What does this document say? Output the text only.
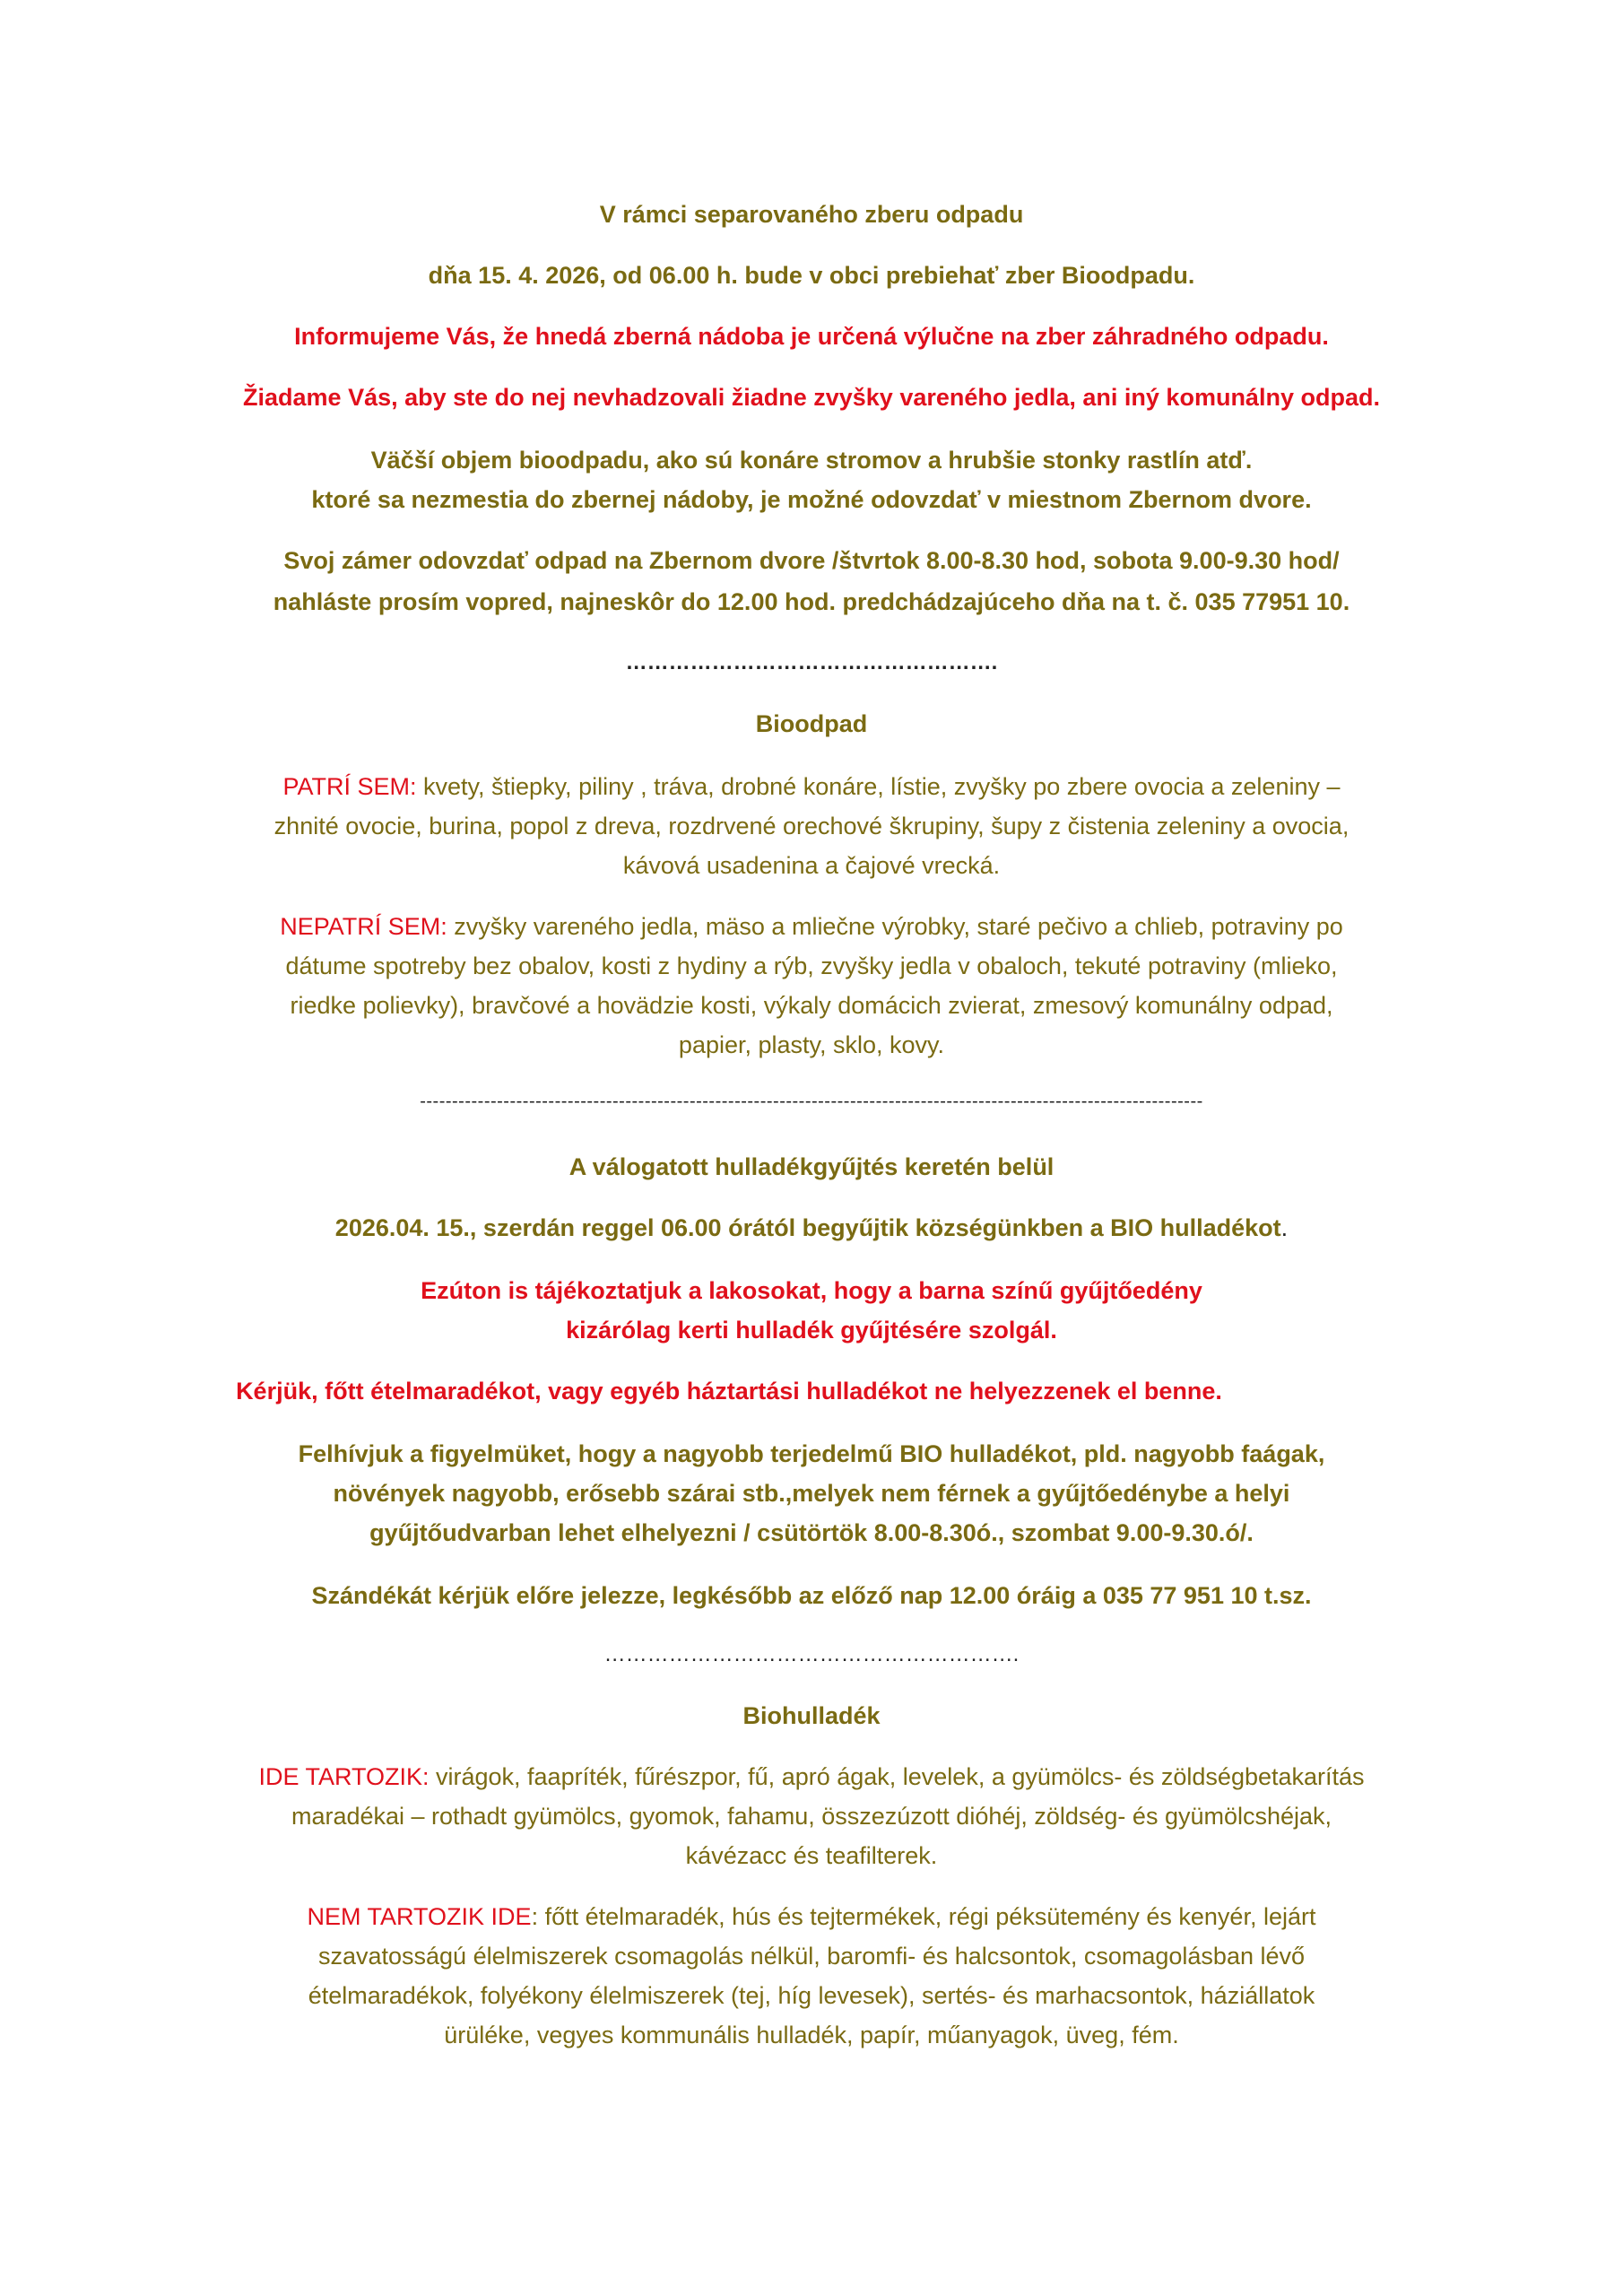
V rámci separovaného zberu odpadu

dňa 15. 4. 2026, od 06.00 h. bude v obci prebiehať zber Bioodpadu.

Informujeme Vás, že hnedá zberná nádoba je určená výlučne na zber záhradného odpadu.

Žiadame Vás, aby ste do nej nevhadzovali žiadne zvyšky vareného jedla, ani iný komunálny odpad.

Väčší objem bioodpadu, ako sú konáre stromov a hrubšie stonky rastlín atď.

ktoré sa nezmestia do zbernej nádoby, je možné odovzdať v miestnom Zbernom dvore.

Svoj zámer odovzdať odpad na Zbernom dvore /štvrtok 8.00-8.30 hod, sobota 9.00-9.30 hod/

nahláste prosím vopred, najneskôr do 12.00 hod. predchádzajúceho dňa na t. č. 035 77951 10.

…………………………………………….

Bioodpad

PATRÍ SEM: kvety, štiepky, piliny , tráva, drobné konáre, lístie, zvyšky po zbere ovocia a zeleniny –

zhnité ovocie, burina, popol z dreva, rozdrvené orechové škrupiny, šupy z čistenia zeleniny a ovocia,

kávová usadenina a čajové vrecká.

NEPATRÍ SEM: zvyšky vareného jedla, mäso a mliečne výrobky, staré pečivo a chlieb, potraviny po

dátume spotreby bez obalov, kosti z hydiny a rýb, zvyšky jedla v obaloch, tekuté potraviny (mlieko,

riedke polievky), bravčové a hovädzie kosti, výkaly domácich zvierat, zmesový komunálny odpad,

papier, plasty, sklo, kovy.

--------------------------------------------------------------------------------------------------------------------------

A válogatott hulladékgyűjtés keretén belül

2026.04. 15., szerdán reggel 06.00 órától begyűjtik községünkben a BIO hulladékot.

Ezúton is tájékoztatjuk a lakosokat, hogy a barna színű gyűjtőedény

kizárólag kerti hulladék gyűjtésére szolgál.

Kérjük, főtt ételmaradékot, vagy egyéb háztartási hulladékot ne helyezzenek el benne.

Felhívjuk a figyelmüket, hogy a nagyobb terjedelmű BIO hulladékot, pld. nagyobb faágak,

növények nagyobb, erősebb szárai stb.,melyek nem férnek a gyűjtőedénybe a helyi

gyűjtőudvarban lehet elhelyezni / csütörtök 8.00-8.30ó., szombat 9.00-9.30.ó/.

Szándékát kérjük előre jelezze, legkésőbb az előző nap 12.00 óráig a 035 77 951 10 t.sz.

………………………………………………….

Biohulladék

IDE TARTOZIK: virágok, faapríték, fűrészpor, fű, apró ágak, levelek, a gyümölcs- és zöldségbetakarítás

maradékai – rothadt gyümölcs, gyomok, fahamu, összezúzott dióhéj, zöldség- és gyümölcshéjak,

kávézacc és teafilterek.

NEM TARTOZIK IDE: főtt ételmaradék, hús és tejtermékek, régi péksütemény és kenyér, lejárt

szavatosságú élelmiszerek csomagolás nélkül, baromfi- és halcsontok, csomagolásban lévő

ételmaradékok, folyékony élelmiszerek (tej, híg levesek), sertés- és marhacsontok, háziállatok

ürüléke, vegyes kommunális hulladék, papír, műanyagok, üveg, fém.
